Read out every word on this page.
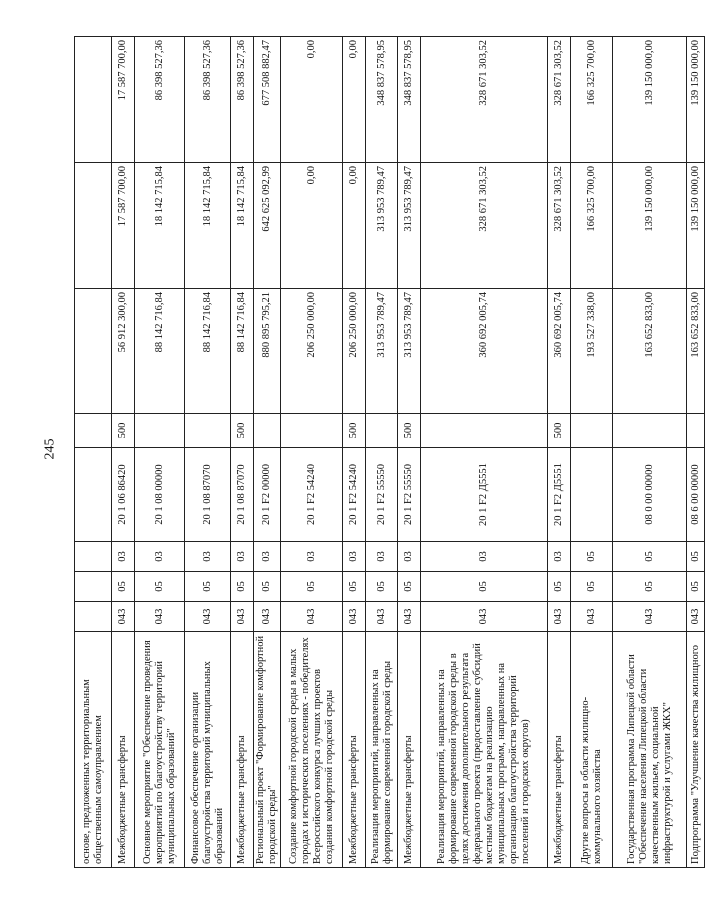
245
основе, предложенных территориальным общественным самоуправлением								
Межбюджетные трансферты	043	05	03	20 1 06 86420	500	56 912 300,00	17 587 700,00	17 587 700,00
Основное мероприятие "Обеспечение проведения мероприятий по благоустройству территорий муниципальных образований"	043	05	03	20 1 08 00000		88 142 716,84	18 142 715,84	86 398 527,36
Финансовое обеспечение организации благоустройства территорий муниципальных образований	043	05	03	20 1 08 87070		88 142 716,84	18 142 715,84	86 398 527,36
Межбюджетные трансферты	043	05	03	20 1 08 87070	500	88 142 716,84	18 142 715,84	86 398 527,36
Региональный проект "Формирование комфортной городской среды"	043	05	03	20 1 F2 00000		880 895 795,21	642 625 092,99	677 508 882,47
Создание комфортной городской среды в малых городах и исторических поселениях - победителях Всероссийского конкурса лучших проектов создания комфортной городской среды	043	05	03	20 1 F2 54240		206 250 000,00	0,00	0,00
Межбюджетные трансферты	043	05	03	20 1 F2 54240	500	206 250 000,00	0,00	0,00
Реализация мероприятий, направленных на формирование современной городской среды	043	05	03	20 1 F2 55550		313 953 789,47	313 953 789,47	348 837 578,95
Межбюджетные трансферты	043	05	03	20 1 F2 55550	500	313 953 789,47	313 953 789,47	348 837 578,95
Реализация мероприятий, направленных на формирование современной городской среды в целях достижения дополнительного результата федерального проекта (предоставление субсидий местным бюджетам на реализацию муниципальных программ, направленных на организацию благоустройства территорий поселений и городских округов)	043	05	03	20 1 F2 Д5551		360 692 005,74	328 671 303,52	328 671 303,52
Межбюджетные трансферты	043	05	03	20 1 F2 Д5551	500	360 692 005,74	328 671 303,52	328 671 303,52
Другие вопросы в области жилищно-коммунального хозяйства	043	05	05			193 527 338,00	166 325 700,00	166 325 700,00
Государственная программа Липецкой области "Обеспечение населения Липецкой области качественным жильем, социальной инфраструктурой и услугами ЖКХ"	043	05	05	08 0 00 00000		163 652 833,00	139 150 000,00	139 150 000,00
Подпрограмма "Улучшение качества жилищного	043	05	05	08 6 00 00000		163 652 833,00	139 150 000,00	139 150 000,00
